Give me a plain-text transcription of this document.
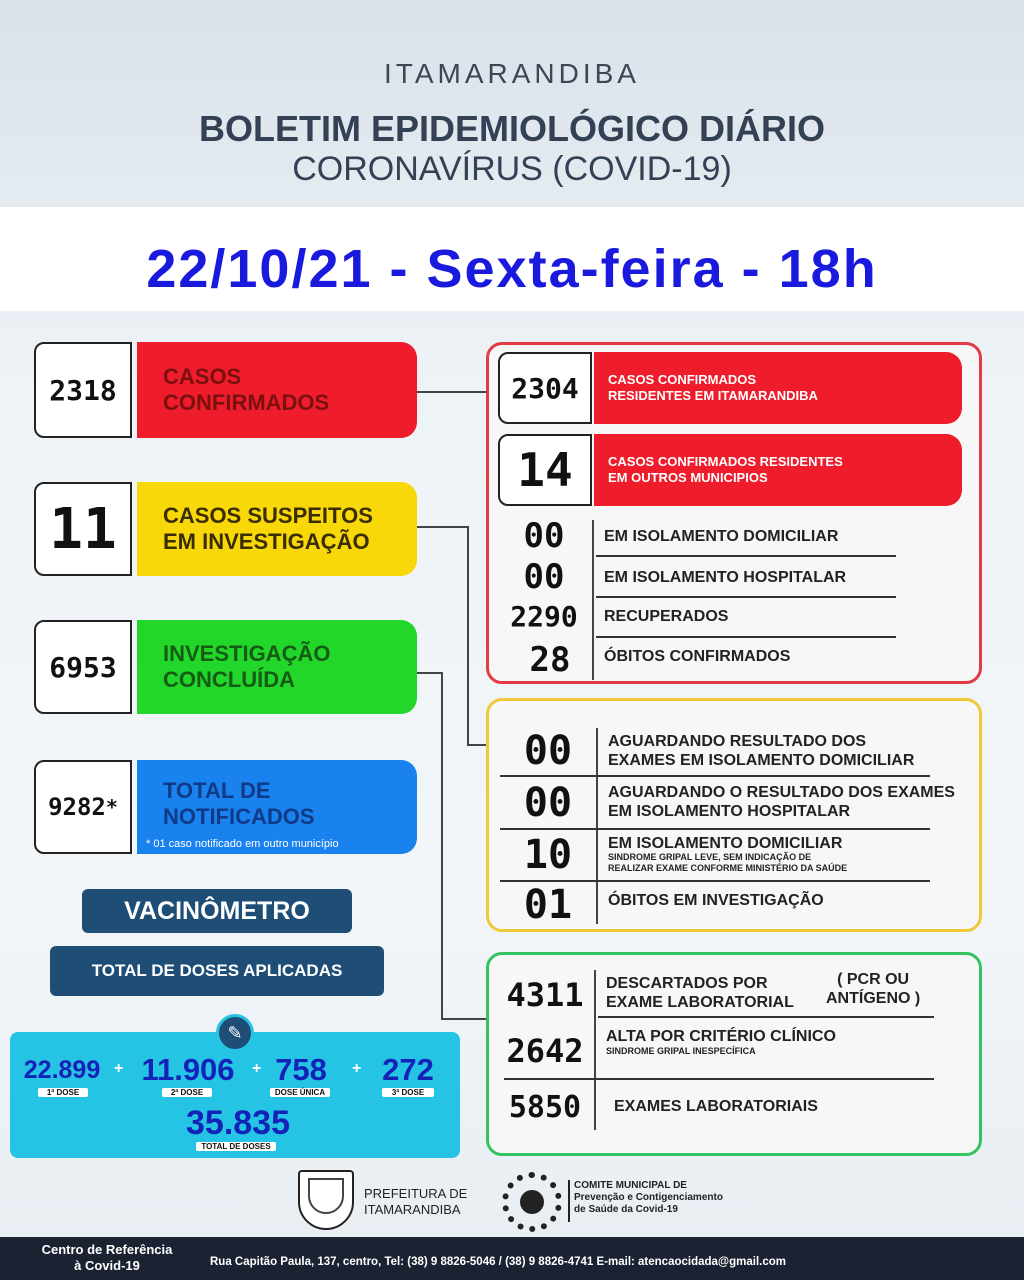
ITAMARANDIBA
BOLETIM EPIDEMIOLÓGICO DIÁRIO
CORONAVÍRUS (COVID-19)
22/10/21 - Sexta-feira - 18h
2318	CASOS
CONFIRMADOS
11	CASOS SUSPEITOS
EM INVESTIGAÇÃO
6953	INVESTIGAÇÃO
CONCLUÍDA
9282 *
TOTAL DE
NOTIFICADOS
* 01 caso notificado em outro município
2304	CASOS CONFIRMADOS
RESIDENTES EM ITAMARANDIBA
14	CASOS CONFIRMADOS RESIDENTES
EM OUTROS MUNICIPIOS
00	EM ISOLAMENTO DOMICILIAR
00	EM ISOLAMENTO HOSPITALAR
2290	RECUPERADOS
28	ÓBITOS CONFIRMADOS
00	AGUARDANDO RESULTADO DOS
EXAMES EM ISOLAMENTO DOMICILIAR
00	AGUARDANDO O RESULTADO DOS EXAMES
EM ISOLAMENTO HOSPITALAR
10	EM ISOLAMENTO DOMICILIAR
SINDROME GRIPAL LEVE, SEM INDICAÇÃO DE
REALIZAR EXAME CONFORME MINISTÉRIO DA SAÚDE
01	ÓBITOS EM INVESTIGAÇÃO
4311	DESCARTADOS POR
EXAME LABORATORIAL
( PCR OU
ANTÍGENO )
2642	ALTA POR CRITÉRIO CLÍNICO
SINDROME GRIPAL INESPECÍFICA
5850	EXAMES LABORATORIAIS
VACINÔMETRO
TOTAL DE DOSES APLICADAS
✎
22.899
1ª DOSE
+ 11.906
2ª DOSE
+ 758
DOSE ÚNICA
+ 272
3ª DOSE
35.835
TOTAL DE DOSES
PREFEITURA DE
ITAMARANDIBA
COMITE MUNICIPAL DE
Prevenção e Contigenciamento
de Saúde da Covid-19
Centro de Referência
à Covid-19	Rua Capitão Paula, 137, centro, Tel: (38) 9 8826-5046 / (38) 9 8826-4741 E-mail: atencaocidada@gmail.com
